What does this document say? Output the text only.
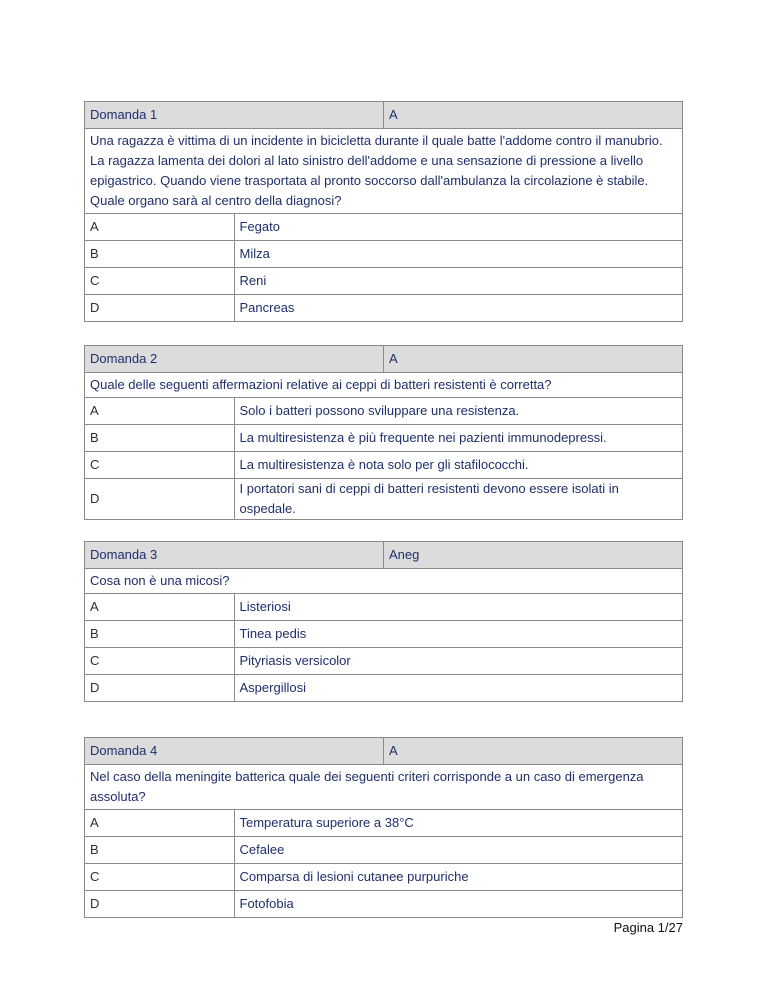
Domanda 1		A
Una ragazza è vittima di un incidente in bicicletta durante il quale batte l'addome contro il manubrio. La ragazza lamenta dei dolori al lato sinistro dell'addome e una sensazione di pressione a livello epigastrico. Quando viene trasportata al pronto soccorso dall'ambulanza la circolazione è stabile. Quale organo sarà al centro della diagnosi?		
A	Fegato	
B	Milza	
C	Reni	
D	Pancreas	
Domanda 2		A
Quale delle seguenti affermazioni relative ai ceppi di batteri resistenti è corretta?		
A	Solo i batteri possono sviluppare una resistenza.	
B	La multiresistenza è più frequente nei pazienti immunodepressi.	
C	La multiresistenza è nota solo per gli stafilococchi.	
D	I portatori sani di ceppi di batteri resistenti devono essere isolati in ospedale.	
Domanda 3		Aneg
Cosa non è una micosi?		
A	Listeriosi	
B	Tinea pedis	
C	Pityriasis versicolor	
D	Aspergillosi	
Domanda 4		A
Nel caso della meningite batterica quale dei seguenti criteri corrisponde a un caso di emergenza assoluta?		
A	Temperatura superiore a 38°C	
B	Cefalee	
C	Comparsa di lesioni cutanee purpuriche	
D	Fotofobia	
Pagina 1/27
